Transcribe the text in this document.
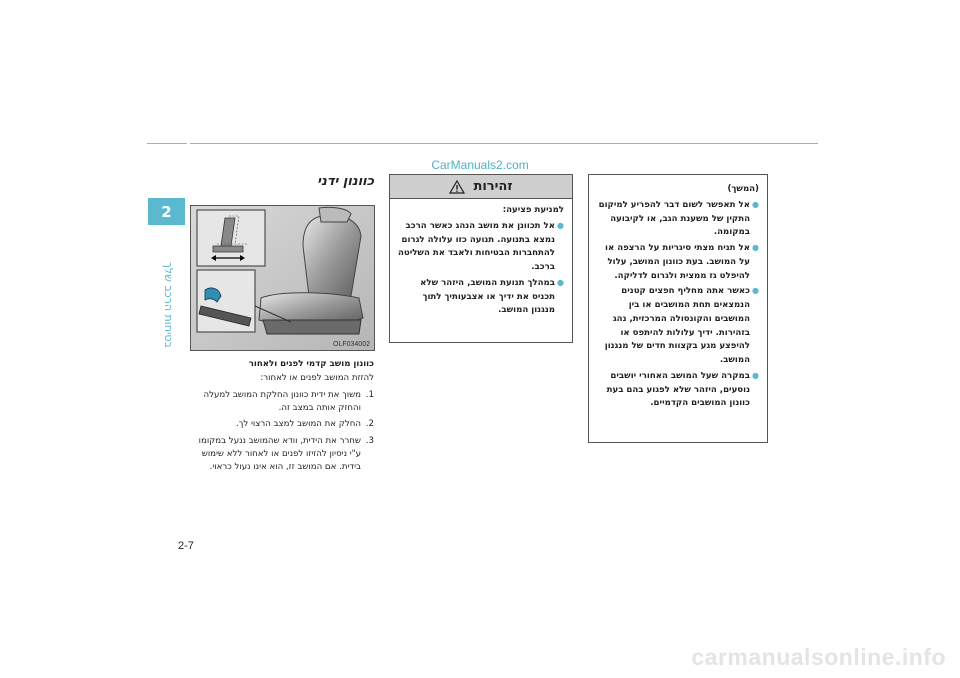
2
בטיחות הרכב שלך
CarManuals2.com
כוונון ידני
OLF034002
כוונון מושב קדמי לפנים ולאחור
להזזת המושב לפנים או לאחור:
1.
משוך את ידית כוונון החלקת המושב למעלה והחזק אותה במצב זה.
2.
החלק את המושב למצב הרצוי לך.
3.
שחרר את הידית, וודא שהמושב ננעל במקומו ע"י ניסיון להזיזו לפנים או לאחור ללא שימוש בידית. אם המושב זז, הוא אינו נעול כראוי.
זהירות
למניעת פציעה:
●
אל תכוונן את מושב הנהג כאשר הרכב נמצא בתנועה. תנועה כזו עלולה לגרום להתחברות הבטיחות ולאבד את השליטה ברכב.
●
במהלך תנועת המושב, היזהר שלא תכניס את ידיך או אצבעותיך לתוך מנגנון המושב.
(המשך)
●
אל תאפשר לשום דבר להפריע למיקום התקין של משענת הגב, או לקיבועה במקומה.
●
אל תניח מצתי סיגריות על הרצפה או על המושב. בעת כוונון המושב, עלול להיפלט גז ממצית ולגרום לדליקה.
●
כאשר אתה מחליף חפצים קטנים הנמצאים תחת המושבים או בין המושבים והקונסולה המרכזית, נהג בזהירות. ידיך עלולות להיתפס או להיפצע מגע בקצוות חדים של מנגנון המושב.
●
במקרה שעל המושב האחורי יושבים נוסעים, היזהר שלא לפגוע בהם בעת כוונון המושבים הקדמיים.
2-7
carmanualsonline.info
